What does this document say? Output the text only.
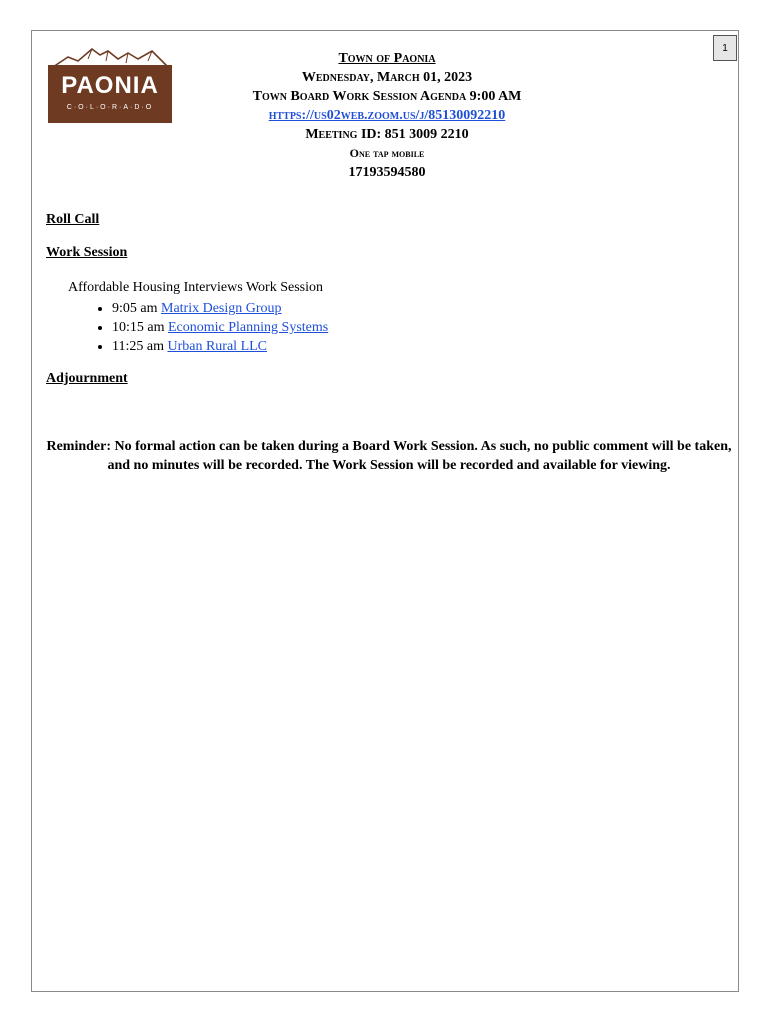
1
PAONIA
C·O·L·O·R·A·D·O
Town of Paonia
Wednesday, March 01, 2023
Town Board Work Session Agenda 9:00 AM
https://us02web.zoom.us/j/85130092210
Meeting ID: 851 3009 2210
One tap mobile
17193594580
Roll Call
Work Session
Affordable Housing Interviews Work Session
• 9:05 am Matrix Design Group
• 10:15 am Economic Planning Systems
• 11:25 am Urban Rural LLC
Adjournment
Reminder: No formal action can be taken during a Board Work Session. As such, no public comment will be taken, and no minutes will be recorded. The Work Session will be recorded and available for viewing.
